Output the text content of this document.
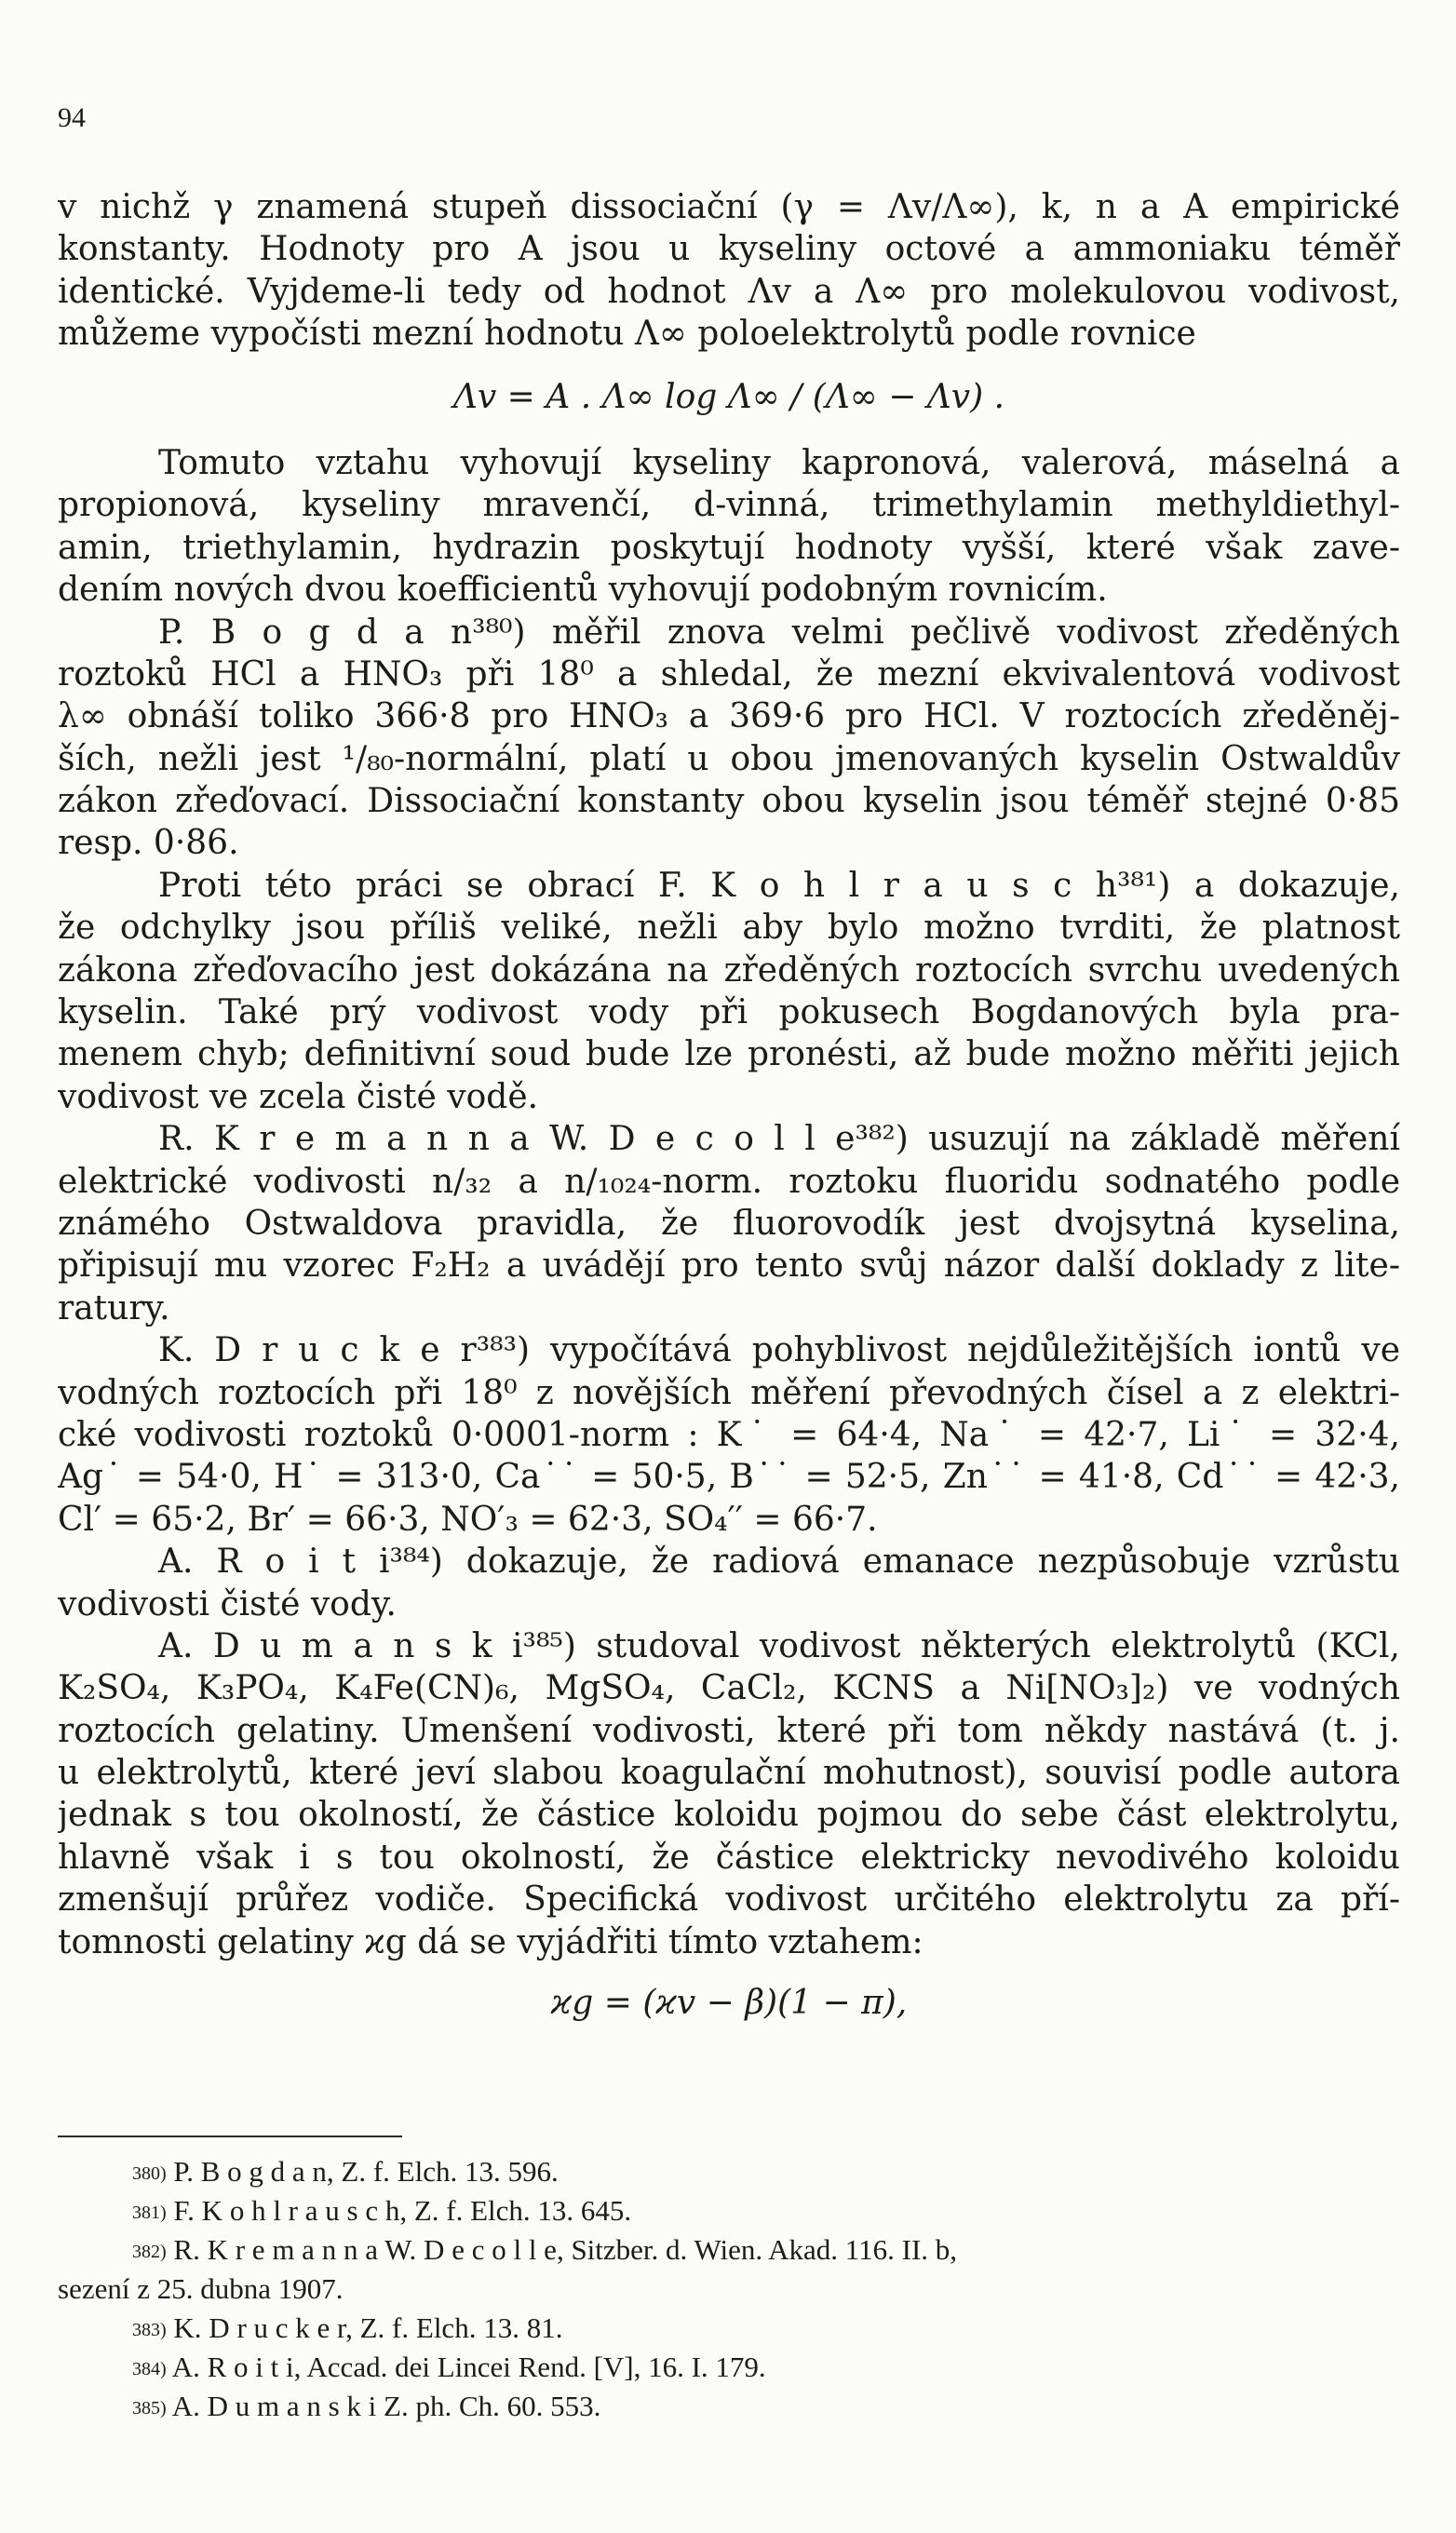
94
v nichž γ znamená stupeň dissociační (γ = Λv/Λ∞), k, n a A empirické
konstanty. Hodnoty pro A jsou u kyseliny octové a ammoniaku téměř
identické. Vyjdeme-li tedy od hodnot Λv a Λ∞ pro molekulovou vodivost,
můžeme vypočísti mezní hodnotu Λ∞ poloelektrolytů podle rovnice
Λv = A . Λ∞ log Λ∞ / (Λ∞ − Λv) .
Tomuto vztahu vyhovují kyseliny kapronová, valerová, máselná a
propionová, kyseliny mravenčí, d-vinná, trimethylamin methyldiethyl-
amin, triethylamin, hydrazin poskytují hodnoty vyšší, které však zave-
dením nových dvou koefficientů vyhovují podobným rovnicím.
P. B o g d a n³⁸⁰) měřil znova velmi pečlivě vodivost zředěných
roztoků HCl a HNO₃ při 18⁰ a shledal, že mezní ekvivalentová vodivost
λ∞ obnáší toliko 366·8 pro HNO₃ a 369·6 pro HCl. V roztocích zředěněj-
ších, nežli jest ¹/₈₀-normální, platí u obou jmenovaných kyselin Ostwaldův
zákon zřeďovací. Dissociační konstanty obou kyselin jsou téměř stejné 0·85
resp. 0·86.
Proti této práci se obrací F. K o h l r a u s c h³⁸¹) a dokazuje,
že odchylky jsou příliš veliké, nežli aby bylo možno tvrditi, že platnost
zákona zřeďovacího jest dokázána na zředěných roztocích svrchu uvedených
kyselin. Také prý vodivost vody při pokusech Bogdanových byla pra-
menem chyb; definitivní soud bude lze pronésti, až bude možno měřiti jejich
vodivost ve zcela čisté vodě.
R. K r e m a n n a W. D e c o l l e³⁸²) usuzují na základě měření
elektrické vodivosti n/₃₂ a n/₁₀₂₄-norm. roztoku fluoridu sodnatého podle
známého Ostwaldova pravidla, že fluorovodík jest dvojsytná kyselina,
připisují mu vzorec F₂H₂ a uvádějí pro tento svůj názor další doklady z lite-
ratury.
K. D r u c k e r³⁸³) vypočítává pohyblivost nejdůležitějších iontů ve
vodných roztocích při 18⁰ z novějších měření převodných čísel a z elektri-
cké vodivosti roztoků 0·0001-norm : K˙ = 64·4, Na˙ = 42·7, Li˙ = 32·4,
Ag˙ = 54·0, H˙ = 313·0, Ca˙˙ = 50·5, B˙˙ = 52·5, Zn˙˙ = 41·8, Cd˙˙ = 42·3,
Cl′ = 65·2, Br′ = 66·3, NO′₃ = 62·3, SO₄′′ = 66·7.
A. R o i t i³⁸⁴) dokazuje, že radiová emanace nezpůsobuje vzrůstu
vodivosti čisté vody.
A. D u m a n s k i³⁸⁵) studoval vodivost některých elektrolytů (KCl,
K₂SO₄, K₃PO₄, K₄Fe(CN)₆, MgSO₄, CaCl₂, KCNS a Ni[NO₃]₂) ve vodných
roztocích gelatiny. Umenšení vodivosti, které při tom někdy nastává (t. j.
u elektrolytů, které jeví slabou koagulační mohutnost), souvisí podle autora
jednak s tou okolností, že částice koloidu pojmou do sebe část elektrolytu,
hlavně však i s tou okolností, že částice elektricky nevodivého koloidu
zmenšují průřez vodiče. Specifická vodivost určitého elektrolytu za pří-
tomnosti gelatiny ϰg dá se vyjádřiti tímto vztahem:
ϰg = (ϰv − β)(1 − π),
$^{380)}$ P. B o g d a n, Z. f. Elch. 13. 596.
$^{381)}$ F. K o h l r a u s c h, Z. f. Elch. 13. 645.
$^{382)}$ R. K r e m a n n a W. D e c o l l e, Sitzber. d. Wien. Akad. 116. II. b,
sezení z 25. dubna 1907.
$^{383)}$ K. D r u c k e r, Z. f. Elch. 13. 81.
$^{384)}$ A. R o i t i, Accad. dei Lincei Rend. [V], 16. I. 179.
$^{385)}$ A. D u m a n s k i Z. ph. Ch. 60. 553.
